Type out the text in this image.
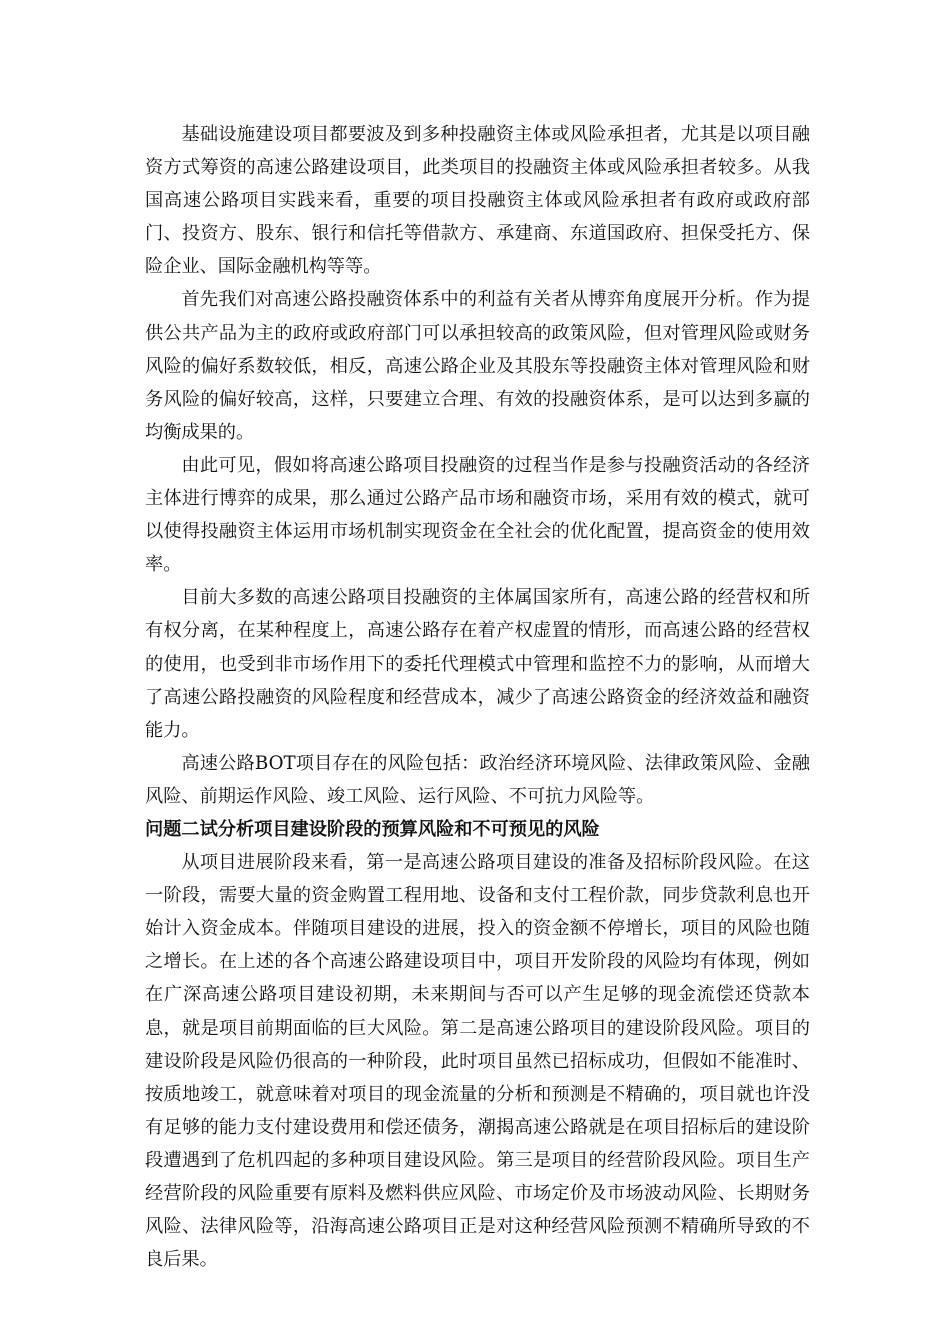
基础设施建设项目都要波及到多种投融资主体或风险承担者，尤其是以项目融资方式筹资的高速公路建设项目，此类项目的投融资主体或风险承担者较多。从我国高速公路项目实践来看，重要的项目投融资主体或风险承担者有政府或政府部门、投资方、股东、银行和信托等借款方、承建商、东道国政府、担保受托方、保险企业、国际金融机构等等。

首先我们对高速公路投融资体系中的利益有关者从博弈角度展开分析。作为提供公共产品为主的政府或政府部门可以承担较高的政策风险，但对管理风险或财务风险的偏好系数较低，相反，高速公路企业及其股东等投融资主体对管理风险和财务风险的偏好较高，这样，只要建立合理、有效的投融资体系，是可以达到多赢的均衡成果的。

由此可见，假如将高速公路项目投融资的过程当作是参与投融资活动的各经济主体进行博弈的成果，那么通过公路产品市场和融资市场，采用有效的模式，就可以使得投融资主体运用市场机制实现资金在全社会的优化配置，提高资金的使用效率。

目前大多数的高速公路项目投融资的主体属国家所有，高速公路的经营权和所有权分离，在某种程度上，高速公路存在着产权虚置的情形，而高速公路的经营权的使用，也受到非市场作用下的委托代理模式中管理和监控不力的影响，从而增大了高速公路投融资的风险程度和经营成本，减少了高速公路资金的经济效益和融资能力。

高速公路BOT项目存在的风险包括：政治经济环境风险、法律政策风险、金融风险、前期运作风险、竣工风险、运行风险、不可抗力风险等。

问题二试分析项目建设阶段的预算风险和不可预见的风险

从项目进展阶段来看，第一是高速公路项目建设的准备及招标阶段风险。在这一阶段，需要大量的资金购置工程用地、设备和支付工程价款，同步贷款利息也开始计入资金成本。伴随项目建设的进展，投入的资金额不停增长，项目的风险也随之增长。在上述的各个高速公路建设项目中，项目开发阶段的风险均有体现，例如在广深高速公路项目建设初期，未来期间与否可以产生足够的现金流偿还贷款本息，就是项目前期面临的巨大风险。第二是高速公路项目的建设阶段风险。项目的建设阶段是风险仍很高的一种阶段，此时项目虽然已招标成功，但假如不能准时、按质地竣工，就意味着对项目的现金流量的分析和预测是不精确的，项目就也许没有足够的能力支付建设费用和偿还债务，潮揭高速公路就是在项目招标后的建设阶段遭遇到了危机四起的多种项目建设风险。第三是项目的经营阶段风险。项目生产经营阶段的风险重要有原料及燃料供应风险、市场定价及市场波动风险、长期财务风险、法律风险等，沿海高速公路项目正是对这种经营风险预测不精确所导致的不良后果。
